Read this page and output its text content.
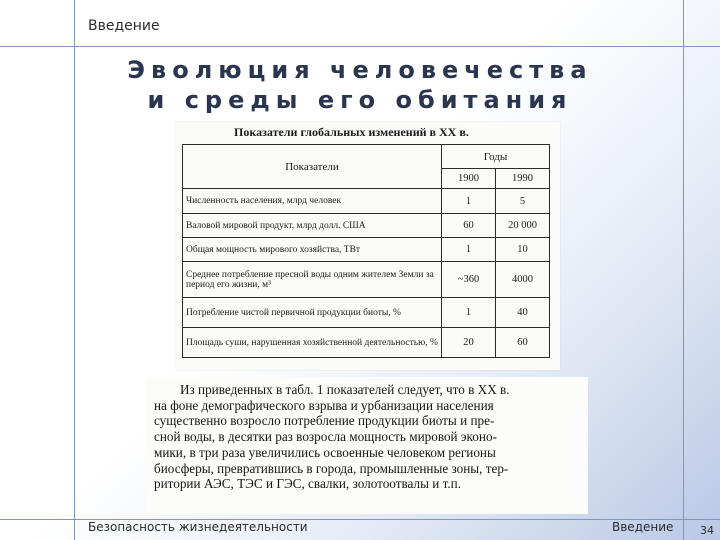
Введение
Эволюция человечества
и среды его обитания
Показатели глобальных изменений в XX в.
Показатели	Годы	
	1900	1990
Численность населения, млрд человек	1	5
Валовой мировой продукт, млрд долл. США	60	20 000
Общая мощность мирового хозяйства, ТВт	1	10
Среднее потребление пресной воды одним жителем Земли за период его жизни, м³	~360	4000
Потребление чистой первичной продукции биоты, %	1	40
Площадь суши, нарушенная хозяйственной деятельностью, %	20	60
Из приведенных в табл. 1 показателей следует, что в XX в.
на фоне демографического взрыва и урбанизации населения
существенно возросло потребление продукции биоты и пре-
сной воды, в десятки раз возросла мощность мировой эконо-
мики, в три раза увеличились освоенные человеком регионы
биосферы, превратившись в города, промышленные зоны, тер-
ритории АЭС, ТЭС и ГЭС, свалки, золотоотвалы и т.п.
Безопасность жизнедеятельности	Введение 34
